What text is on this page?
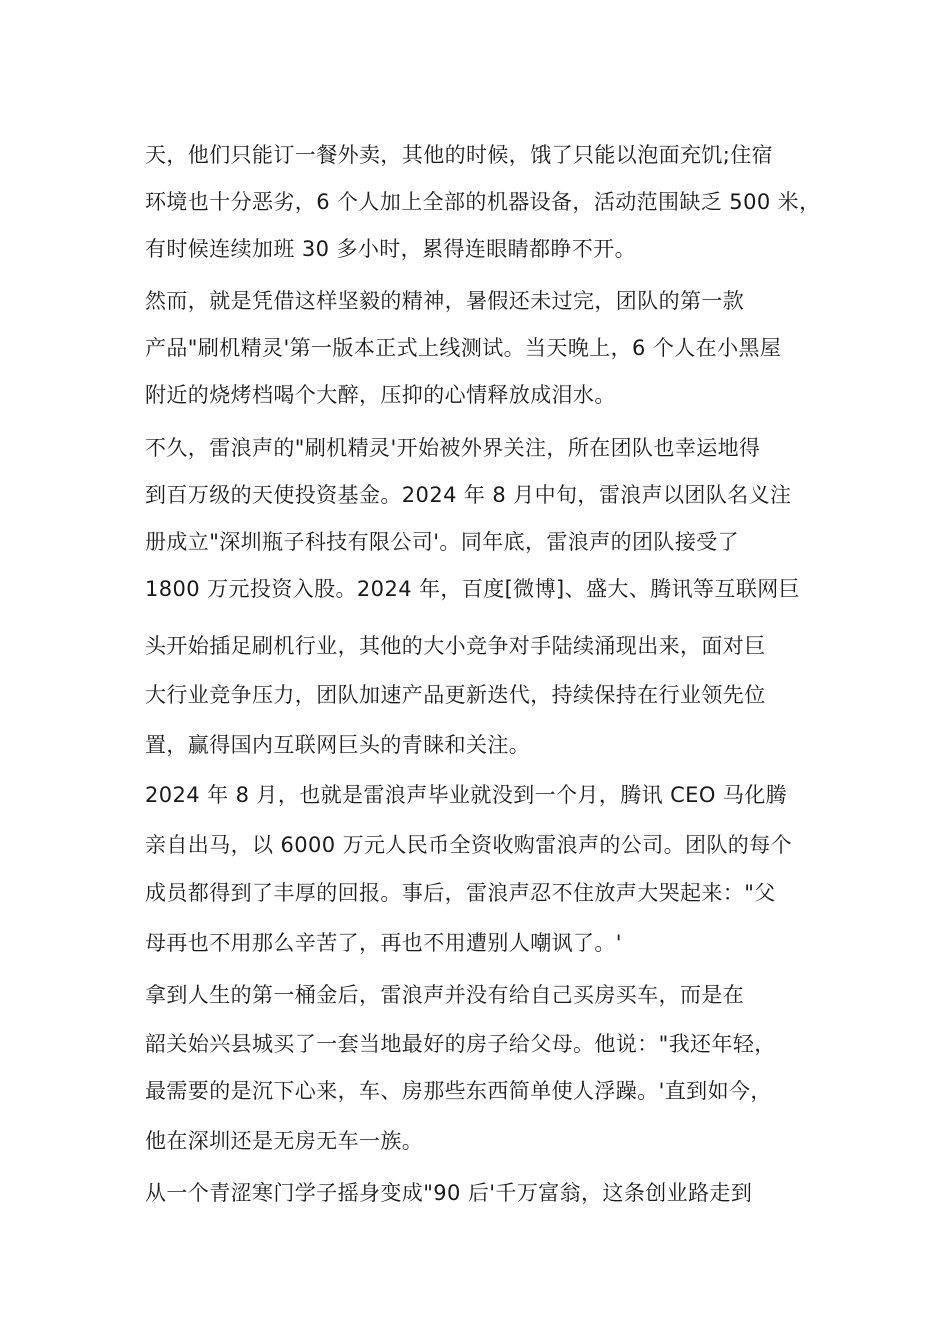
天，他们只能订一餐外卖，其他的时候，饿了只能以泡面充饥;住宿
环境也十分恶劣，6 个人加上全部的机器设备，活动范围缺乏 500 米，
有时候连续加班 30 多小时，累得连眼睛都睁不开。
然而，就是凭借这样坚毅的精神，暑假还未过完，团队的第一款
产品"刷机精灵'第一版本正式上线测试。当天晚上，6 个人在小黑屋
附近的烧烤档喝个大醉，压抑的心情释放成泪水。
不久，雷浪声的"刷机精灵'开始被外界关注，所在团队也幸运地得
到百万级的天使投资基金。2024 年 8 月中旬，雷浪声以团队名义注
册成立"深圳瓶子科技有限公司'。同年底，雷浪声的团队接受了
1800 万元投资入股。2024 年，百度[微博]、盛大、腾讯等互联网巨
头开始插足刷机行业，其他的大小竞争对手陆续涌现出来，面对巨
大行业竞争压力，团队加速产品更新迭代，持续保持在行业领先位
置，赢得国内互联网巨头的青睐和关注。
2024 年 8 月，也就是雷浪声毕业就没到一个月，腾讯 CEO 马化腾
亲自出马，以 6000 万元人民币全资收购雷浪声的公司。团队的每个
成员都得到了丰厚的回报。事后，雷浪声忍不住放声大哭起来："父
母再也不用那么辛苦了，再也不用遭别人嘲讽了。'
拿到人生的第一桶金后，雷浪声并没有给自己买房买车，而是在
韶关始兴县城买了一套当地最好的房子给父母。他说："我还年轻，
最需要的是沉下心来，车、房那些东西简单使人浮躁。'直到如今，
他在深圳还是无房无车一族。
从一个青涩寒门学子摇身变成"90 后'千万富翁，这条创业路走到
